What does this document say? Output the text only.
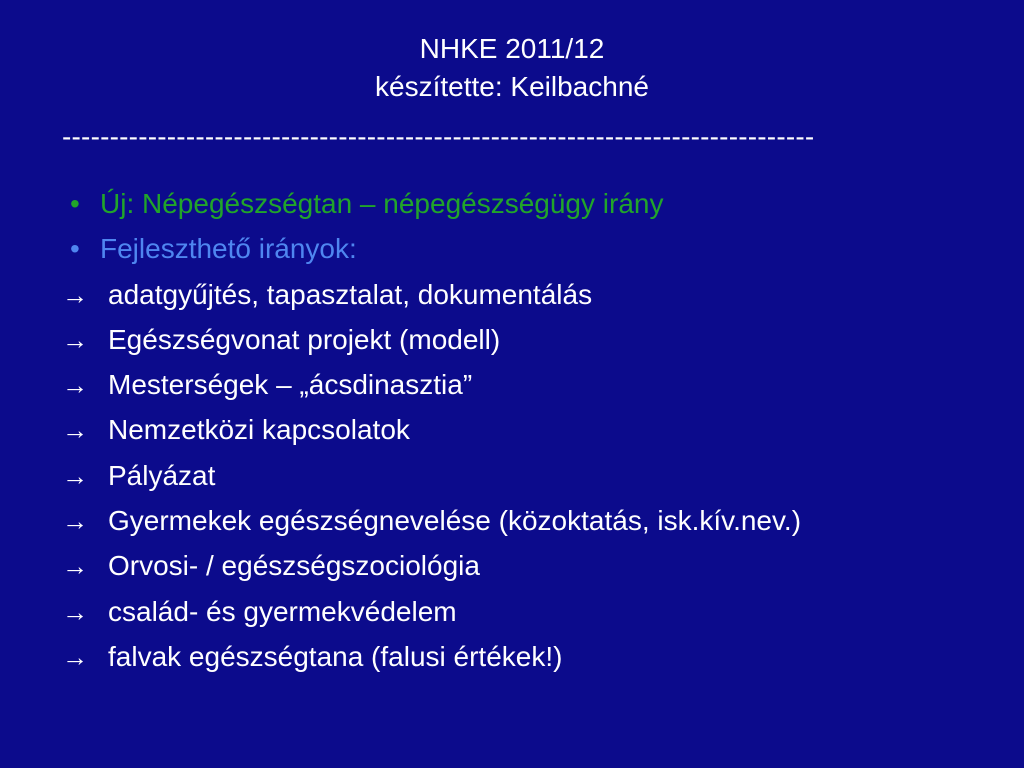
NHKE 2011/12
készítette: Keilbachné
-------------------------------------------------------------------------------
• Új: Népegészségtan – népegészségügy irány
• Fejleszthető irányok:
→ adatgyűjtés, tapasztalat, dokumentálás
→ Egészségvonat projekt (modell)
→ Mesterségek – „ácsdinasztia”
→ Nemzetközi kapcsolatok
→ Pályázat
→ Gyermekek egészségnevelése (közoktatás, isk.kív.nev.)
→ Orvosi- / egészségszociológia
→ család- és gyermekvédelem
→ falvak egészségtana (falusi értékek!)
